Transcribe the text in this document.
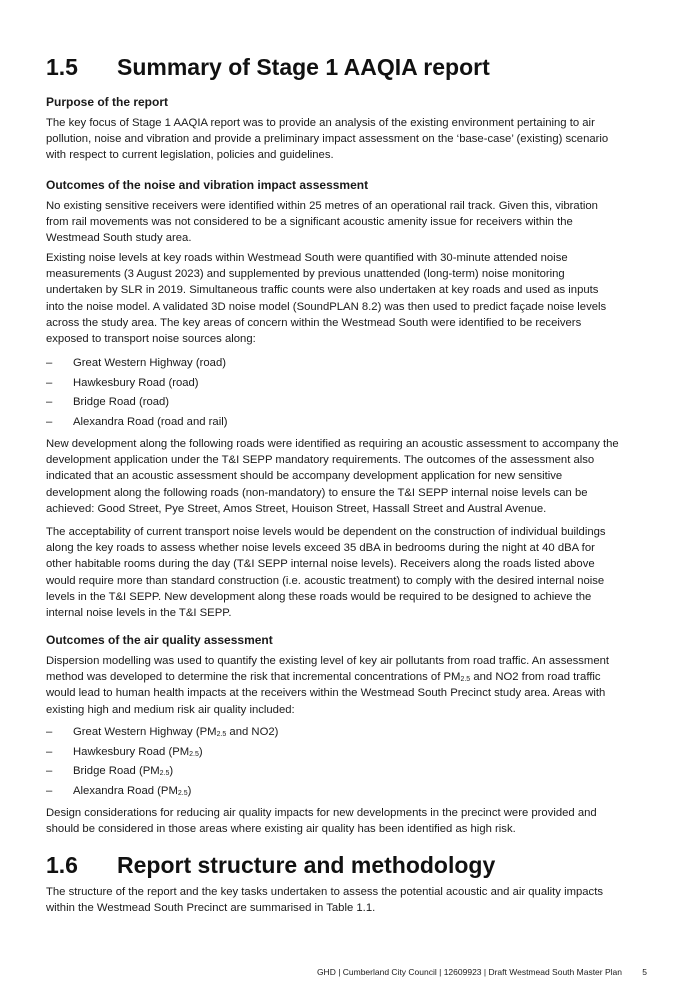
1.5 Summary of Stage 1 AAQIA report
Purpose of the report
The key focus of Stage 1 AAQIA report was to provide an analysis of the existing environment pertaining to air
pollution, noise and vibration and provide a preliminary impact assessment on the ‘base-case’ (existing) scenario
with respect to current legislation, policies and guidelines.
Outcomes of the noise and vibration impact assessment
No existing sensitive receivers were identified within 25 metres of an operational rail track. Given this, vibration
from rail movements was not considered to be a significant acoustic amenity issue for receivers within the
Westmead South study area.
Existing noise levels at key roads within Westmead South were quantified with 30-minute attended noise
measurements (3 August 2023) and supplemented by previous unattended (long-term) noise monitoring
undertaken by SLR in 2019. Simultaneous traffic counts were also undertaken at key roads and used as inputs
into the noise model. A validated 3D noise model (SoundPLAN 8.2) was then used to predict façade noise levels
across the study area. The key areas of concern within the Westmead South were identified to be receivers
exposed to transport noise sources along:
– Great Western Highway (road)
– Hawkesbury Road (road)
– Bridge Road (road)
– Alexandra Road (road and rail)
New development along the following roads were identified as requiring an acoustic assessment to accompany the
development application under the T&I SEPP mandatory requirements. The outcomes of the assessment also
indicated that an acoustic assessment should be accompany development application for new sensitive
development along the following roads (non-mandatory) to ensure the T&I SEPP internal noise levels can be
achieved: Good Street, Pye Street, Amos Street, Houison Street, Hassall Street and Austral Avenue.
The acceptability of current transport noise levels would be dependent on the construction of individual buildings
along the key roads to assess whether noise levels exceed 35 dBA in bedrooms during the night at 40 dBA for
other habitable rooms during the day (T&I SEPP internal noise levels). Receivers along the roads listed above
would require more than standard construction (i.e. acoustic treatment) to comply with the desired internal noise
levels in the T&I SEPP. New development along these roads would be required to be designed to achieve the
internal noise levels in the T&I SEPP.
Outcomes of the air quality assessment
Dispersion modelling was used to quantify the existing level of key air pollutants from road traffic. An assessment
method was developed to determine the risk that incremental concentrations of $PM_{2.5}$ and NO2 from road traffic
would lead to human health impacts at the receivers within the Westmead South Precinct study area. Areas with
existing high and medium risk air quality included:
– Great Western Highway ($PM_{2.5}$ and NO2)
– Hawkesbury Road $(PM_{2.5})$
– Bridge Road $(PM_{2.5})$
– Alexandra Road $(PM_{2.5})$
Design considerations for reducing air quality impacts for new developments in the precinct were provided and
should be considered in those areas where existing air quality has been identified as high risk.
1.6 Report structure and methodology
The structure of the report and the key tasks undertaken to assess the potential acoustic and air quality impacts
within the Westmead South Precinct are summarised in Table 1.1.
GHD | Cumberland City Council | 12609923 | Draft Westmead South Master Plan 5
